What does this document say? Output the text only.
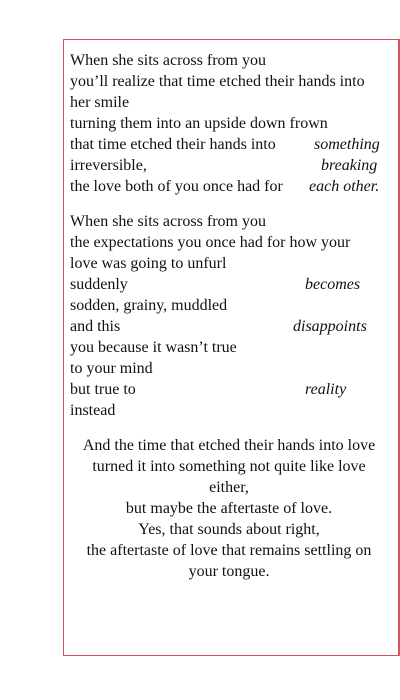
When she sits across from you
you’ll realize that time etched their hands into
her smile
turning them into an upside down frown
that time etched their hands into something
irreversible,	breaking
the love both of you once had for each other.
When she sits across from you
the expectations you once had for how your
love was going to unfurl
suddenly	becomes
sodden, grainy, muddled
and this	disappoints
you because it wasn’t true
to your mind
but true to	reality
instead
And the time that etched their hands into love
turned it into something not quite like love
either,
but maybe the aftertaste of love.
Yes, that sounds about right,
the aftertaste of love that remains settling on
your tongue.
